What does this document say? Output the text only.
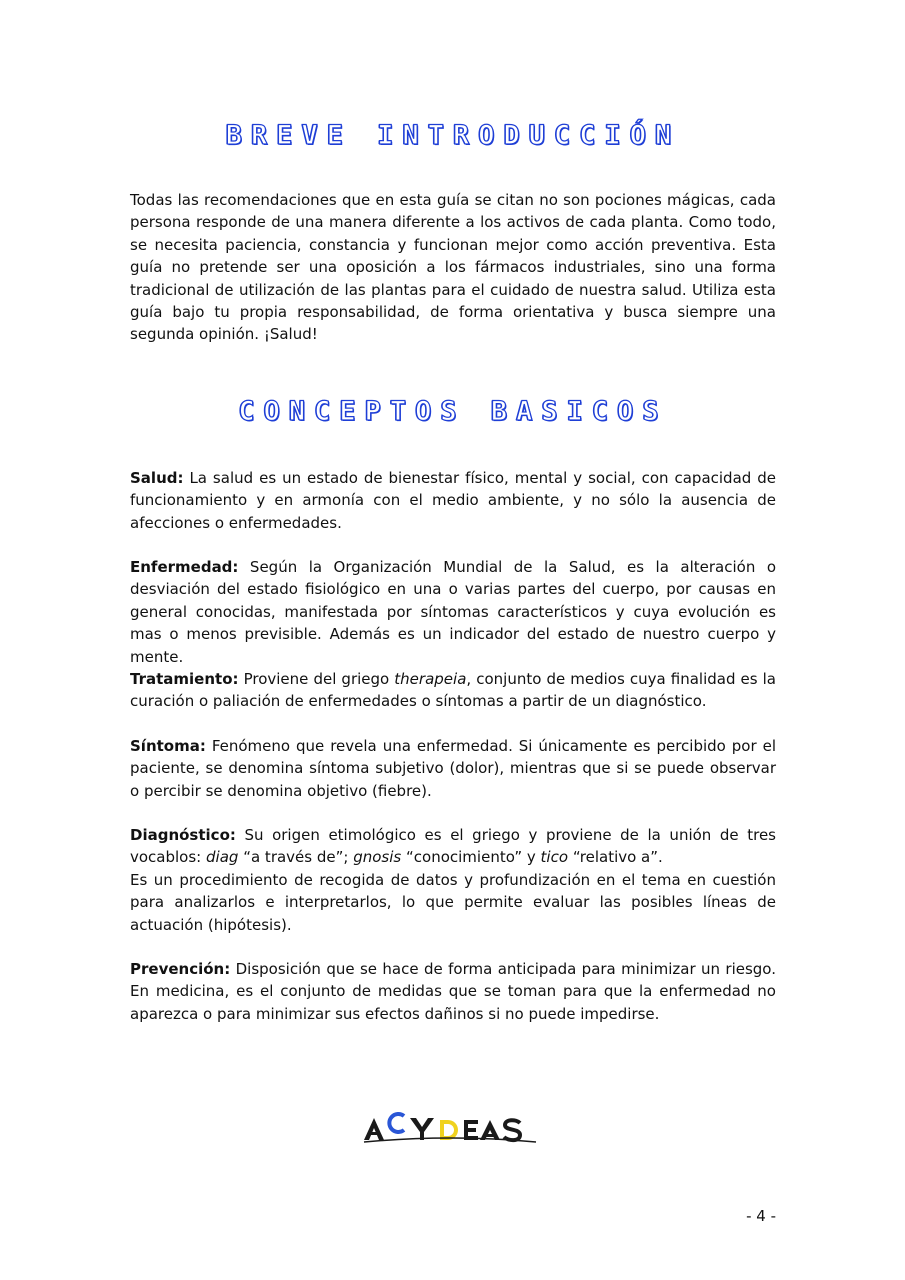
BREVE INTRODUCCIÓN

Todas las recomendaciones que en esta guía se citan no son pociones mágicas, cada persona responde de una manera diferente a los activos de cada planta. Como todo, se necesita paciencia, constancia y funcionan mejor como acción preventiva. Esta guía no pretende ser una oposición a los fármacos industriales, sino una forma tradicional de utilización de las plantas para el cuidado de nuestra salud. Utiliza esta guía bajo tu propia responsabilidad, de forma orientativa y busca siempre una segunda opinión. ¡Salud!

CONCEPTOS BASICOS

Salud: La salud es un estado de bienestar físico, mental y social, con capacidad de funcionamiento y en armonía con el medio ambiente, y no sólo la ausencia de afecciones o enfermedades.

Enfermedad: Según la Organización Mundial de la Salud, es la alteración o desviación del estado fisiológico en una o varias partes del cuerpo, por causas en general conocidas, manifestada por síntomas característicos y cuya evolución es mas o menos previsible. Además es un indicador del estado de nuestro cuerpo y mente.

Tratamiento: Proviene del griego therapeia, conjunto de medios cuya finalidad es la curación o paliación de enfermedades o síntomas a partir de un diagnóstico.

Síntoma: Fenómeno que revela una enfermedad. Si únicamente es percibido por el paciente, se denomina síntoma subjetivo (dolor), mientras que si se puede observar o percibir se denomina objetivo (fiebre).

Diagnóstico: Su origen etimológico es el griego y proviene de la unión de tres vocablos: diag “a través de”; gnosis “conocimiento” y tico “relativo a”.
Es un procedimiento de recogida de datos y profundización en el tema en cuestión para analizarlos e interpretarlos, lo que permite evaluar las posibles líneas de actuación (hipótesis).

Prevención: Disposición que se hace de forma anticipada para minimizar un riesgo. En medicina, es el conjunto de medidas que se toman para que la enfermedad no aparezca o para minimizar sus efectos dañinos si no puede impedirse.

- 4 -
